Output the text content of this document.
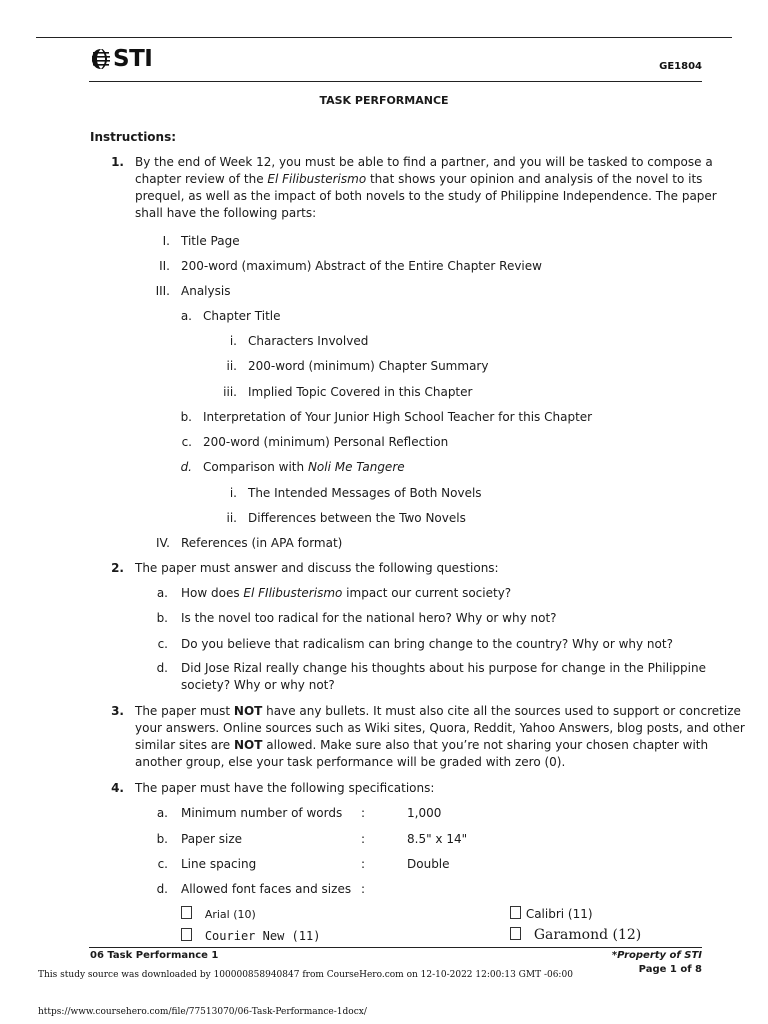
STI	GE1804
TASK PERFORMANCE
Instructions:
1. By the end of Week 12, you must be able to find a partner, and you will be tasked to compose a
chapter review of the El Filibusterismo that shows your opinion and analysis of the novel to its
prequel, as well as the impact of both novels to the study of Philippine Independence. The paper
shall have the following parts:
I. Title Page
II. 200-word (maximum) Abstract of the Entire Chapter Review
III. Analysis
a. Chapter Title
i. Characters Involved
ii. 200-word (minimum) Chapter Summary
iii. Implied Topic Covered in this Chapter
b. Interpretation of Your Junior High School Teacher for this Chapter
c. 200-word (minimum) Personal Reflection
d. Comparison with Noli Me Tangere
i. The Intended Messages of Both Novels
ii. Differences between the Two Novels
IV. References (in APA format)
2. The paper must answer and discuss the following questions:
a. How does El FIlibusterismo impact our current society?
b. Is the novel too radical for the national hero? Why or why not?
c. Do you believe that radicalism can bring change to the country? Why or why not?
d. Did Jose Rizal really change his thoughts about his purpose for change in the Philippine
society? Why or why not?
3. The paper must NOT have any bullets. It must also cite all the sources used to support or concretize
your answers. Online sources such as Wiki sites, Quora, Reddit, Yahoo Answers, blog posts, and other
similar sites are NOT allowed. Make sure also that you’re not sharing your chosen chapter with
another group, else your task performance will be graded with zero (0).
4. The paper must have the following specifications:
a. Minimum number of words :	1,000
b. Paper size	:	8.5" x 14"
c. Line spacing	:	Double
d. Allowed font faces and sizes :
Arial (10)	Calibri (11)
Courier New (11)	Garamond (12)
06 Task Performance 1	*Property of STI
Page 1 of 8
This study source was downloaded by 100000858940847 from CourseHero.com on 12-10-2022 12:00:13 GMT -06:00
https://www.coursehero.com/file/77513070/06-Task-Performance-1docx/
